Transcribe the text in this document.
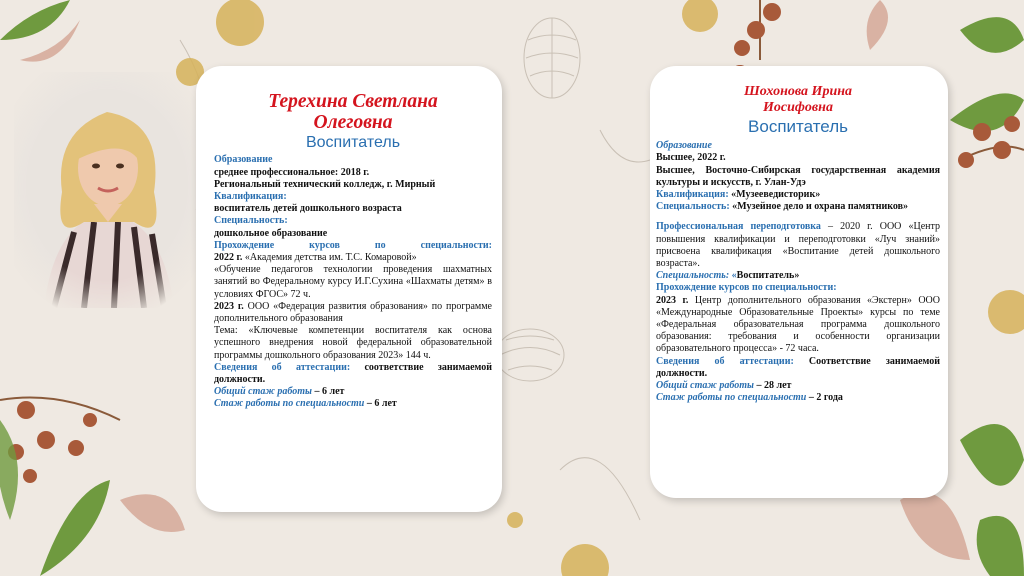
Терехина Светлана
Олеговна
Воспитатель

Образование

среднее профессиональное: 2018 г.

Региональный технический колледж, г. Мирный

Квалификация:

воспитатель детей дошкольного возраста

Специальность:

дошкольное образование

Прохождение курсов по специальности:

2022 г. «Академия детства им. Т.С. Комаровой»

«Обучение педагогов технологии проведения шахматных занятий во Федеральному курсу И.Г.Сухина «Шахматы детям» в условиях ФГОС» 72 ч.

2023 г. ООО «Федерация развития образования» по программе дополнительного образования

Тема: «Ключевые компетенции воспитателя как основа успешного внедрения новой федеральной образовательной программы дошкольного образования 2023» 144 ч.

Сведения об аттестации: соответствие занимаемой должности.

Общий стаж работы – 6 лет

Стаж работы по специальности – 6 лет

Шохонова Ирина
Иосифовна
Воспитатель

Образование

Высшее, 2022 г.

Высшее, Восточно-Сибирская государственная академия культуры и искусств, г. Улан-Удэ

Квалификация: «Музееведисторик»

Специальность: «Музейное дело и охрана памятников»

Профессиональная переподготовка – 2020 г. ООО «Центр повышения квалификации и переподготовки «Луч знаний» присвоена квалификация «Воспитание детей дошкольного возраста».

Специальность: «Воспитатель»

Прохождение курсов по специальности:

2023 г. Центр дополнительного образования «Экстерн» ООО «Международные Образовательные Проекты» курсы по теме «Федеральная образовательная программа дошкольного образования: требования и особенности организации образовательного процесса» - 72 часа.

Сведения об аттестации: Соответствие занимаемой должности.

Общий стаж работы – 28 лет

Стаж работы по специальности – 2 года
